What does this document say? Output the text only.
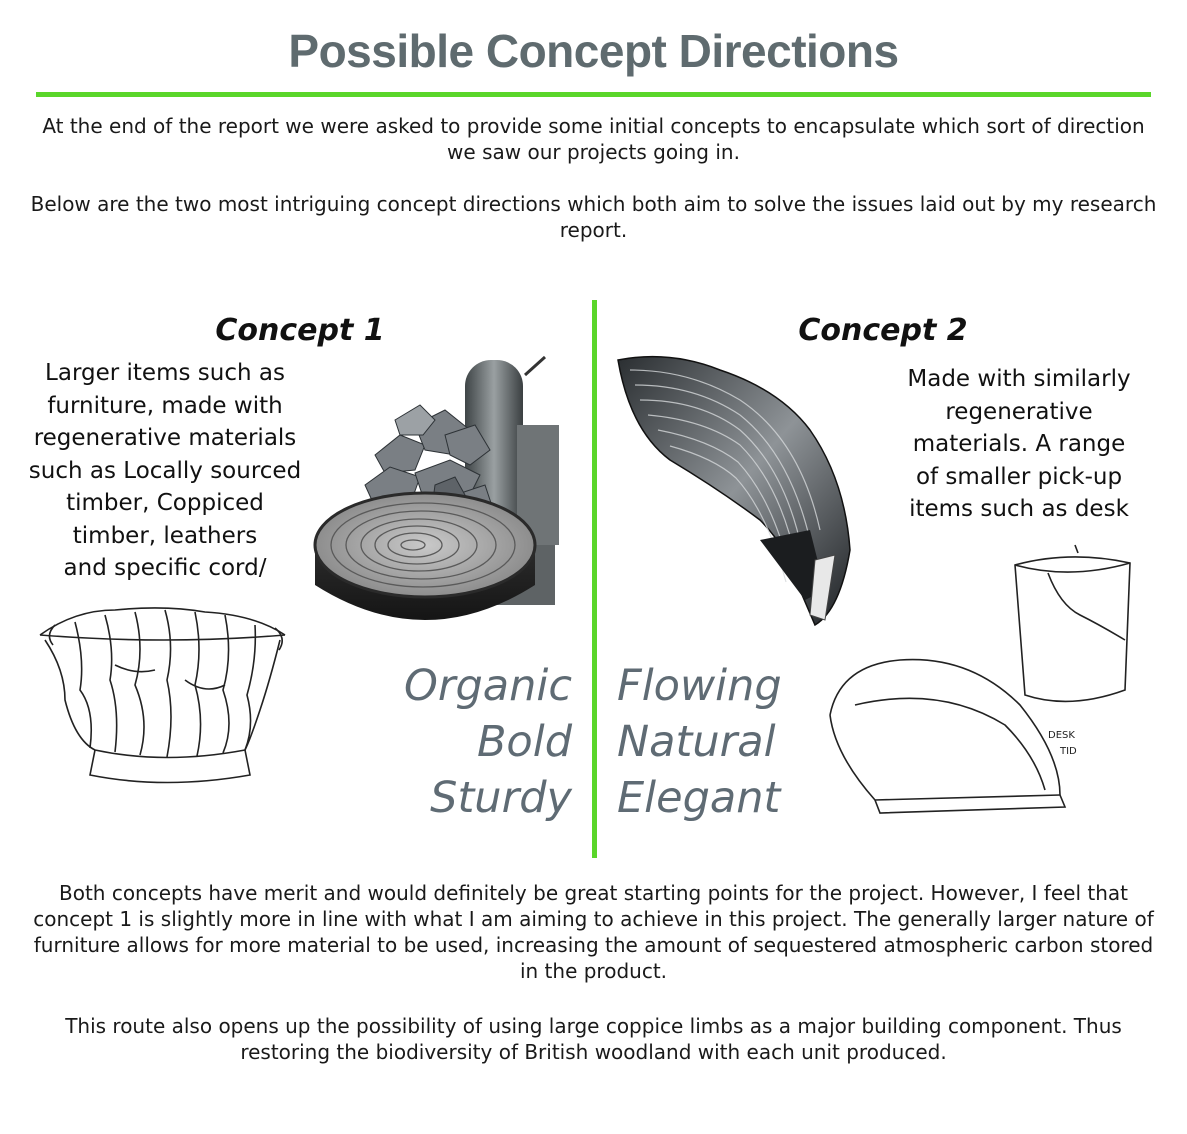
Possible Concept Directions
At the end of the report we were asked to provide some initial concepts to encapsulate which sort of direction we saw our projects going in.
Below are the two most intriguing concept directions which both aim to solve the issues laid out by my research report.
Concept 1
Larger items such as
furniture, made with
regenerative materials
such as Locally sourced
timber, Coppiced
timber, leathers
and specific cord/
Organic
Bold
Sturdy
Concept 2
Made with similarly
regenerative
materials. A range
of smaller pick-up
items such as desk
DESK
TID
Flowing
Natural
Elegant
Both concepts have merit and would definitely be great starting points for the project. However, I feel that concept 1 is slightly more in line with what I am aiming to achieve in this project. The generally larger nature of furniture allows for more material to be used, increasing the amount of sequestered atmospheric carbon stored in the product.
This route also opens up the possibility of using large coppice limbs as a major building component. Thus restoring the biodiversity of British woodland with each unit produced.
